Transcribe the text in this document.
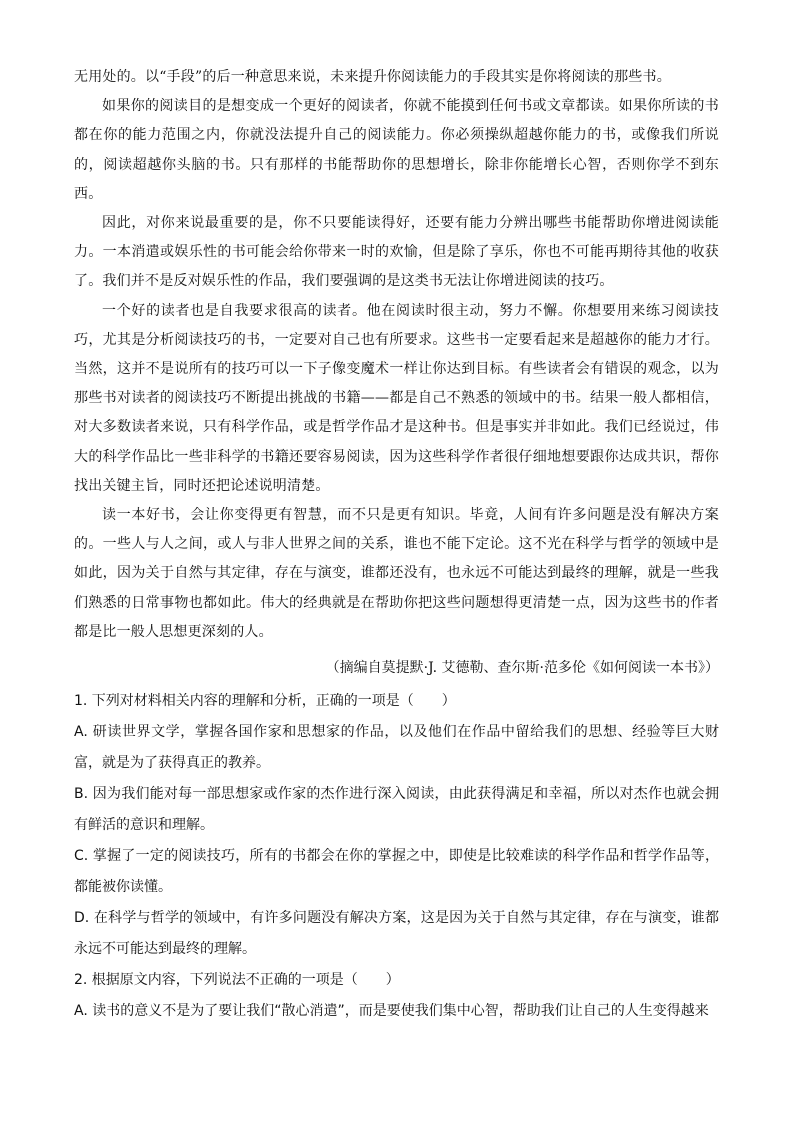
无用处的。以“手段”的后一种意思来说，未来提升你阅读能力的手段其实是你将阅读的那些书。

如果你的阅读目的是想变成一个更好的阅读者，你就不能摸到任何书或文章都读。如果你所读的书都在你的能力范围之内，你就没法提升自己的阅读能力。你必须操纵超越你能力的书，或像我们所说的，阅读超越你头脑的书。只有那样的书能帮助你的思想增长，除非你能增长心智，否则你学不到东西。

因此，对你来说最重要的是，你不只要能读得好，还要有能力分辨出哪些书能帮助你增进阅读能力。一本消遣或娱乐性的书可能会给你带来一时的欢愉，但是除了享乐，你也不可能再期待其他的收获了。我们并不是反对娱乐性的作品，我们要强调的是这类书无法让你增进阅读的技巧。

一个好的读者也是自我要求很高的读者。他在阅读时很主动，努力不懈。你想要用来练习阅读技巧，尤其是分析阅读技巧的书，一定要对自己也有所要求。这些书一定要看起来是超越你的能力才行。当然，这并不是说所有的技巧可以一下子像变魔术一样让你达到目标。有些读者会有错误的观念，以为那些书对读者的阅读技巧不断提出挑战的书籍——都是自己不熟悉的领域中的书。结果一般人都相信，对大多数读者来说，只有科学作品，或是哲学作品才是这种书。但是事实并非如此。我们已经说过，伟大的科学作品比一些非科学的书籍还要容易阅读，因为这些科学作者很仔细地想要跟你达成共识，帮你找出关键主旨，同时还把论述说明清楚。

读一本好书，会让你变得更有智慧，而不只是更有知识。毕竟，人间有许多问题是没有解决方案的。一些人与人之间，或人与非人世界之间的关系，谁也不能下定论。这不光在科学与哲学的领域中是如此，因为关于自然与其定律，存在与演变，谁都还没有，也永远不可能达到最终的理解，就是一些我们熟悉的日常事物也都如此。伟大的经典就是在帮助你把这些问题想得更清楚一点，因为这些书的作者都是比一般人思想更深刻的人。

（摘编自莫提默·J. 艾德勒、查尔斯·范多伦《如何阅读一本书》）
1. 下列对材料相关内容的理解和分析，正确的一项是（　　）
A. 研读世界文学，掌握各国作家和思想家的作品，以及他们在作品中留给我们的思想、经验等巨大财富，就是为了获得真正的教养。
B. 因为我们能对每一部思想家或作家的杰作进行深入阅读，由此获得满足和幸福，所以对杰作也就会拥有鲜活的意识和理解。
C. 掌握了一定的阅读技巧，所有的书都会在你的掌握之中，即使是比较难读的科学作品和哲学作品等，都能被你读懂。
D. 在科学与哲学的领域中，有许多问题没有解决方案，这是因为关于自然与其定律，存在与演变，谁都永远不可能达到最终的理解。
2. 根据原文内容，下列说法不正确的一项是（　　）
A. 读书的意义不是为了要让我们“散心消遣”，而是要使我们集中心智，帮助我们让自己的人生变得越来
